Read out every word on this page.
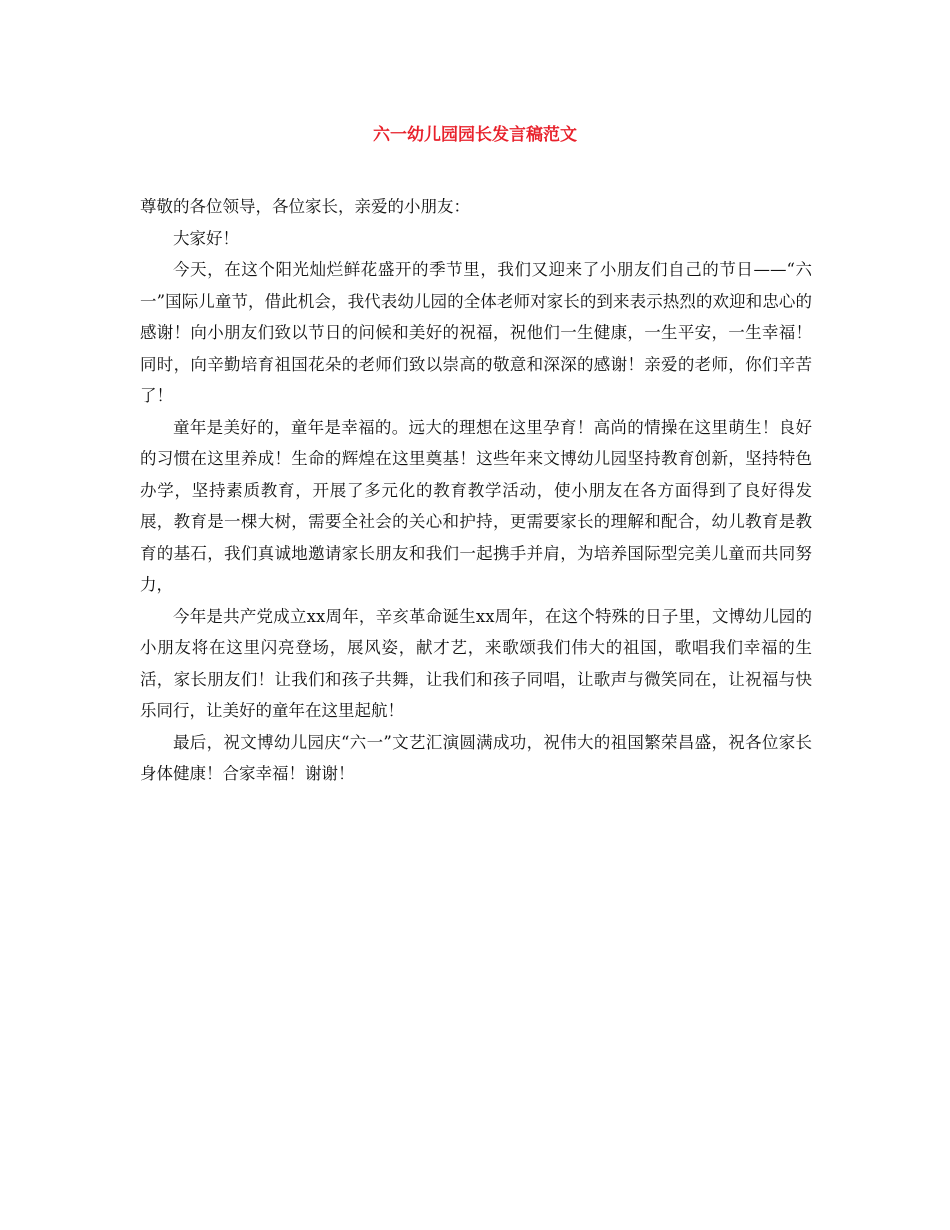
六一幼儿园园长发言稿范文

尊敬的各位领导，各位家长，亲爱的小朋友：

大家好！

今天，在这个阳光灿烂鲜花盛开的季节里，我们又迎来了小朋友们自己的节日——“六一”国际儿童节，借此机会，我代表幼儿园的全体老师对家长的到来表示热烈的欢迎和忠心的感谢！向小朋友们致以节日的问候和美好的祝福，祝他们一生健康，一生平安，一生幸福！同时，向辛勤培育祖国花朵的老师们致以崇高的敬意和深深的感谢！亲爱的老师，你们辛苦了！

童年是美好的，童年是幸福的。远大的理想在这里孕育！高尚的情操在这里萌生！良好的习惯在这里养成！生命的辉煌在这里奠基！这些年来文博幼儿园坚持教育创新，坚持特色办学，坚持素质教育，开展了多元化的教育教学活动，使小朋友在各方面得到了良好得发展，教育是一棵大树，需要全社会的关心和护持，更需要家长的理解和配合，幼儿教育是教育的基石，我们真诚地邀请家长朋友和我们一起携手并肩，为培养国际型完美儿童而共同努力，

今年是共产党成立xx周年，辛亥革命诞生xx周年，在这个特殊的日子里，文博幼儿园的小朋友将在这里闪亮登场，展风姿，献才艺，来歌颂我们伟大的祖国，歌唱我们幸福的生活，家长朋友们！让我们和孩子共舞，让我们和孩子同唱，让歌声与微笑同在，让祝福与快乐同行，让美好的童年在这里起航！

最后，祝文博幼儿园庆“六一”文艺汇演圆满成功，祝伟大的祖国繁荣昌盛，祝各位家长身体健康！合家幸福！谢谢！
